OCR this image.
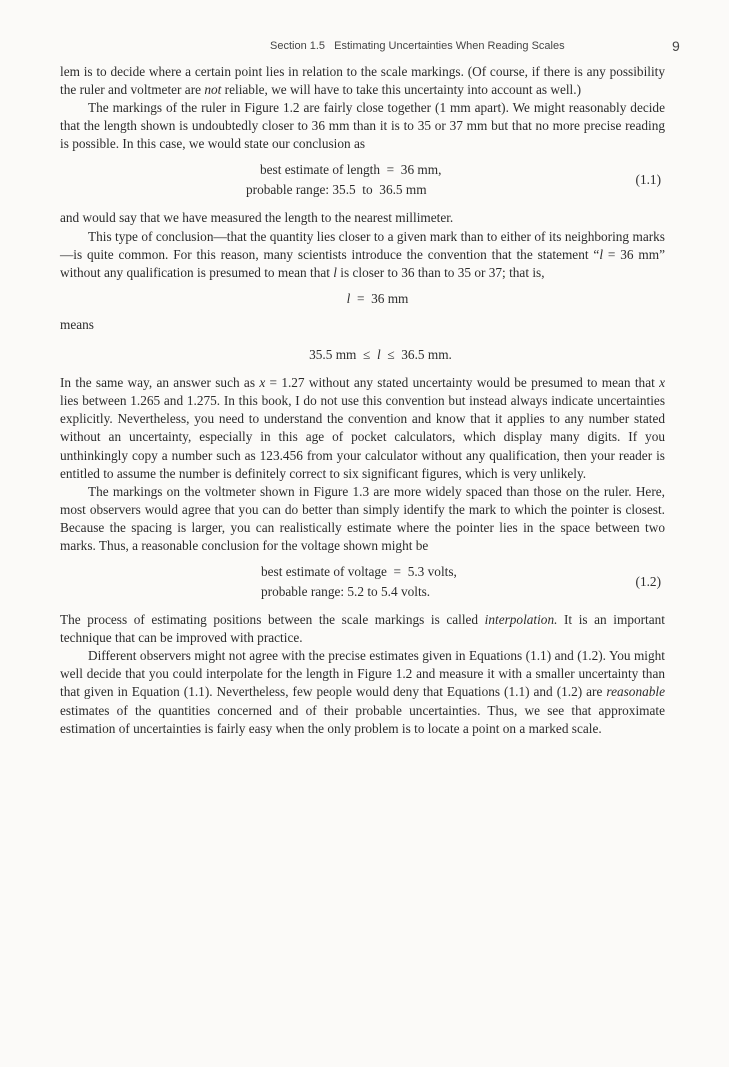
Section 1.5 Estimating Uncertainties When Reading Scales	9

lem is to decide where a certain point lies in relation to the scale markings. (Of course, if there is any possibility the ruler and voltmeter are not reliable, we will have to take this uncertainty into account as well.)

The markings of the ruler in Figure 1.2 are fairly close together (1 mm apart). We might reasonably decide that the length shown is undoubtedly closer to 36 mm than it is to 35 or 37 mm but that no more precise reading is possible. In this case, we would state our conclusion as

best estimate of length  =  36 mm,
probable range: 35.5  to  36.5 mm
(1.1)

and would say that we have measured the length to the nearest millimeter.

This type of conclusion—that the quantity lies closer to a given mark than to either of its neighboring marks—is quite common. For this reason, many scientists introduce the convention that the statement “l = 36 mm” without any qualification is presumed to mean that l is closer to 36 than to 35 or 37; that is,

l  =  36 mm
means
35.5 mm  ≤  l  ≤  36.5 mm.

In the same way, an answer such as x = 1.27 without any stated uncertainty would be presumed to mean that x lies between 1.265 and 1.275. In this book, I do not use this convention but instead always indicate uncertainties explicitly. Nevertheless, you need to understand the convention and know that it applies to any number stated without an uncertainty, especially in this age of pocket calculators, which display many digits. If you unthinkingly copy a number such as 123.456 from your calculator without any qualification, then your reader is entitled to assume the number is definitely correct to six significant figures, which is very unlikely.

The markings on the voltmeter shown in Figure 1.3 are more widely spaced than those on the ruler. Here, most observers would agree that you can do better than simply identify the mark to which the pointer is closest. Because the spacing is larger, you can realistically estimate where the pointer lies in the space between two marks. Thus, a reasonable conclusion for the voltage shown might be

best estimate of voltage  =  5.3 volts,
probable range: 5.2 to 5.4 volts.
(1.2)

The process of estimating positions between the scale markings is called interpolation. It is an important technique that can be improved with practice.

Different observers might not agree with the precise estimates given in Equations (1.1) and (1.2). You might well decide that you could interpolate for the length in Figure 1.2 and measure it with a smaller uncertainty than that given in Equation (1.1). Nevertheless, few people would deny that Equations (1.1) and (1.2) are reasonable estimates of the quantities concerned and of their probable uncertainties. Thus, we see that approximate estimation of uncertainties is fairly easy when the only problem is to locate a point on a marked scale.
